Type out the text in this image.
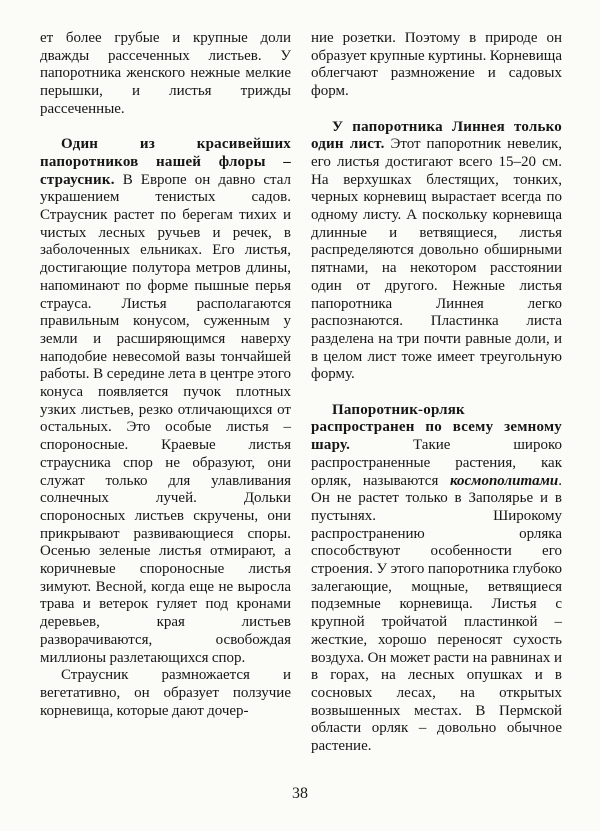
ет более грубые и крупные доли дважды рассеченных листьев. У папоротника женского нежные мелкие перышки, и листья трижды рассеченные.

Один из красивейших папоротников нашей флоры – страусник. В Европе он давно стал украшением тенистых садов. Страусник растет по берегам тихих и чистых лесных ручьев и речек, в заболоченных ельниках. Его листья, достигающие полутора метров длины, напоминают по форме пышные перья страуса. Листья располагаются правильным конусом, суженным у земли и расширяющимся наверху наподобие невесомой вазы тончайшей работы. В середине лета в центре этого конуса появляется пучок плотных узких листьев, резко отличающихся от остальных. Это особые листья – спороносные. Краевые листья страусника спор не образуют, они служат только для улавливания солнечных лучей. Дольки спороносных листьев скручены, они прикрывают развивающиеся споры. Осенью зеленые листья отмирают, а коричневые спороносные листья зимуют. Весной, когда еще не выросла трава и ветерок гуляет под кронами деревьев, края листьев разворачиваются, освобождая миллионы разлетающихся спор.

Страусник размножается и вегетативно, он образует ползучие корневища, которые дают дочер-

ние розетки. Поэтому в природе он образует крупные куртины. Корневища облегчают размножение и садовых форм.

У папоротника Линнея только один лист. Этот папоротник невелик, его листья достигают всего 15–20 см. На верхушках блестящих, тонких, черных корневищ вырастает всегда по одному листу. А поскольку корневища длинные и ветвящиеся, листья распределяются довольно обширными пятнами, на некотором расстоянии один от другого. Нежные листья папоротника Линнея легко распознаются. Пластинка листа разделена на три почти равные доли, и в целом лист тоже имеет треугольную форму.

Папоротник-орляк распространен по всему земному шару. Такие широко распространенные растения, как орляк, называются космополитами. Он не растет только в Заполярье и в пустынях. Широкому распространению орляка способствуют особенности его строения. У этого папоротника глубоко залегающие, мощные, ветвящиеся подземные корневища. Листья с крупной тройчатой пластинкой – жесткие, хорошо переносят сухость воздуха. Он может расти на равнинах и в горах, на лесных опушках и в сосновых лесах, на открытых возвышенных местах. В Пермской области орляк – довольно обычное растение.

38
